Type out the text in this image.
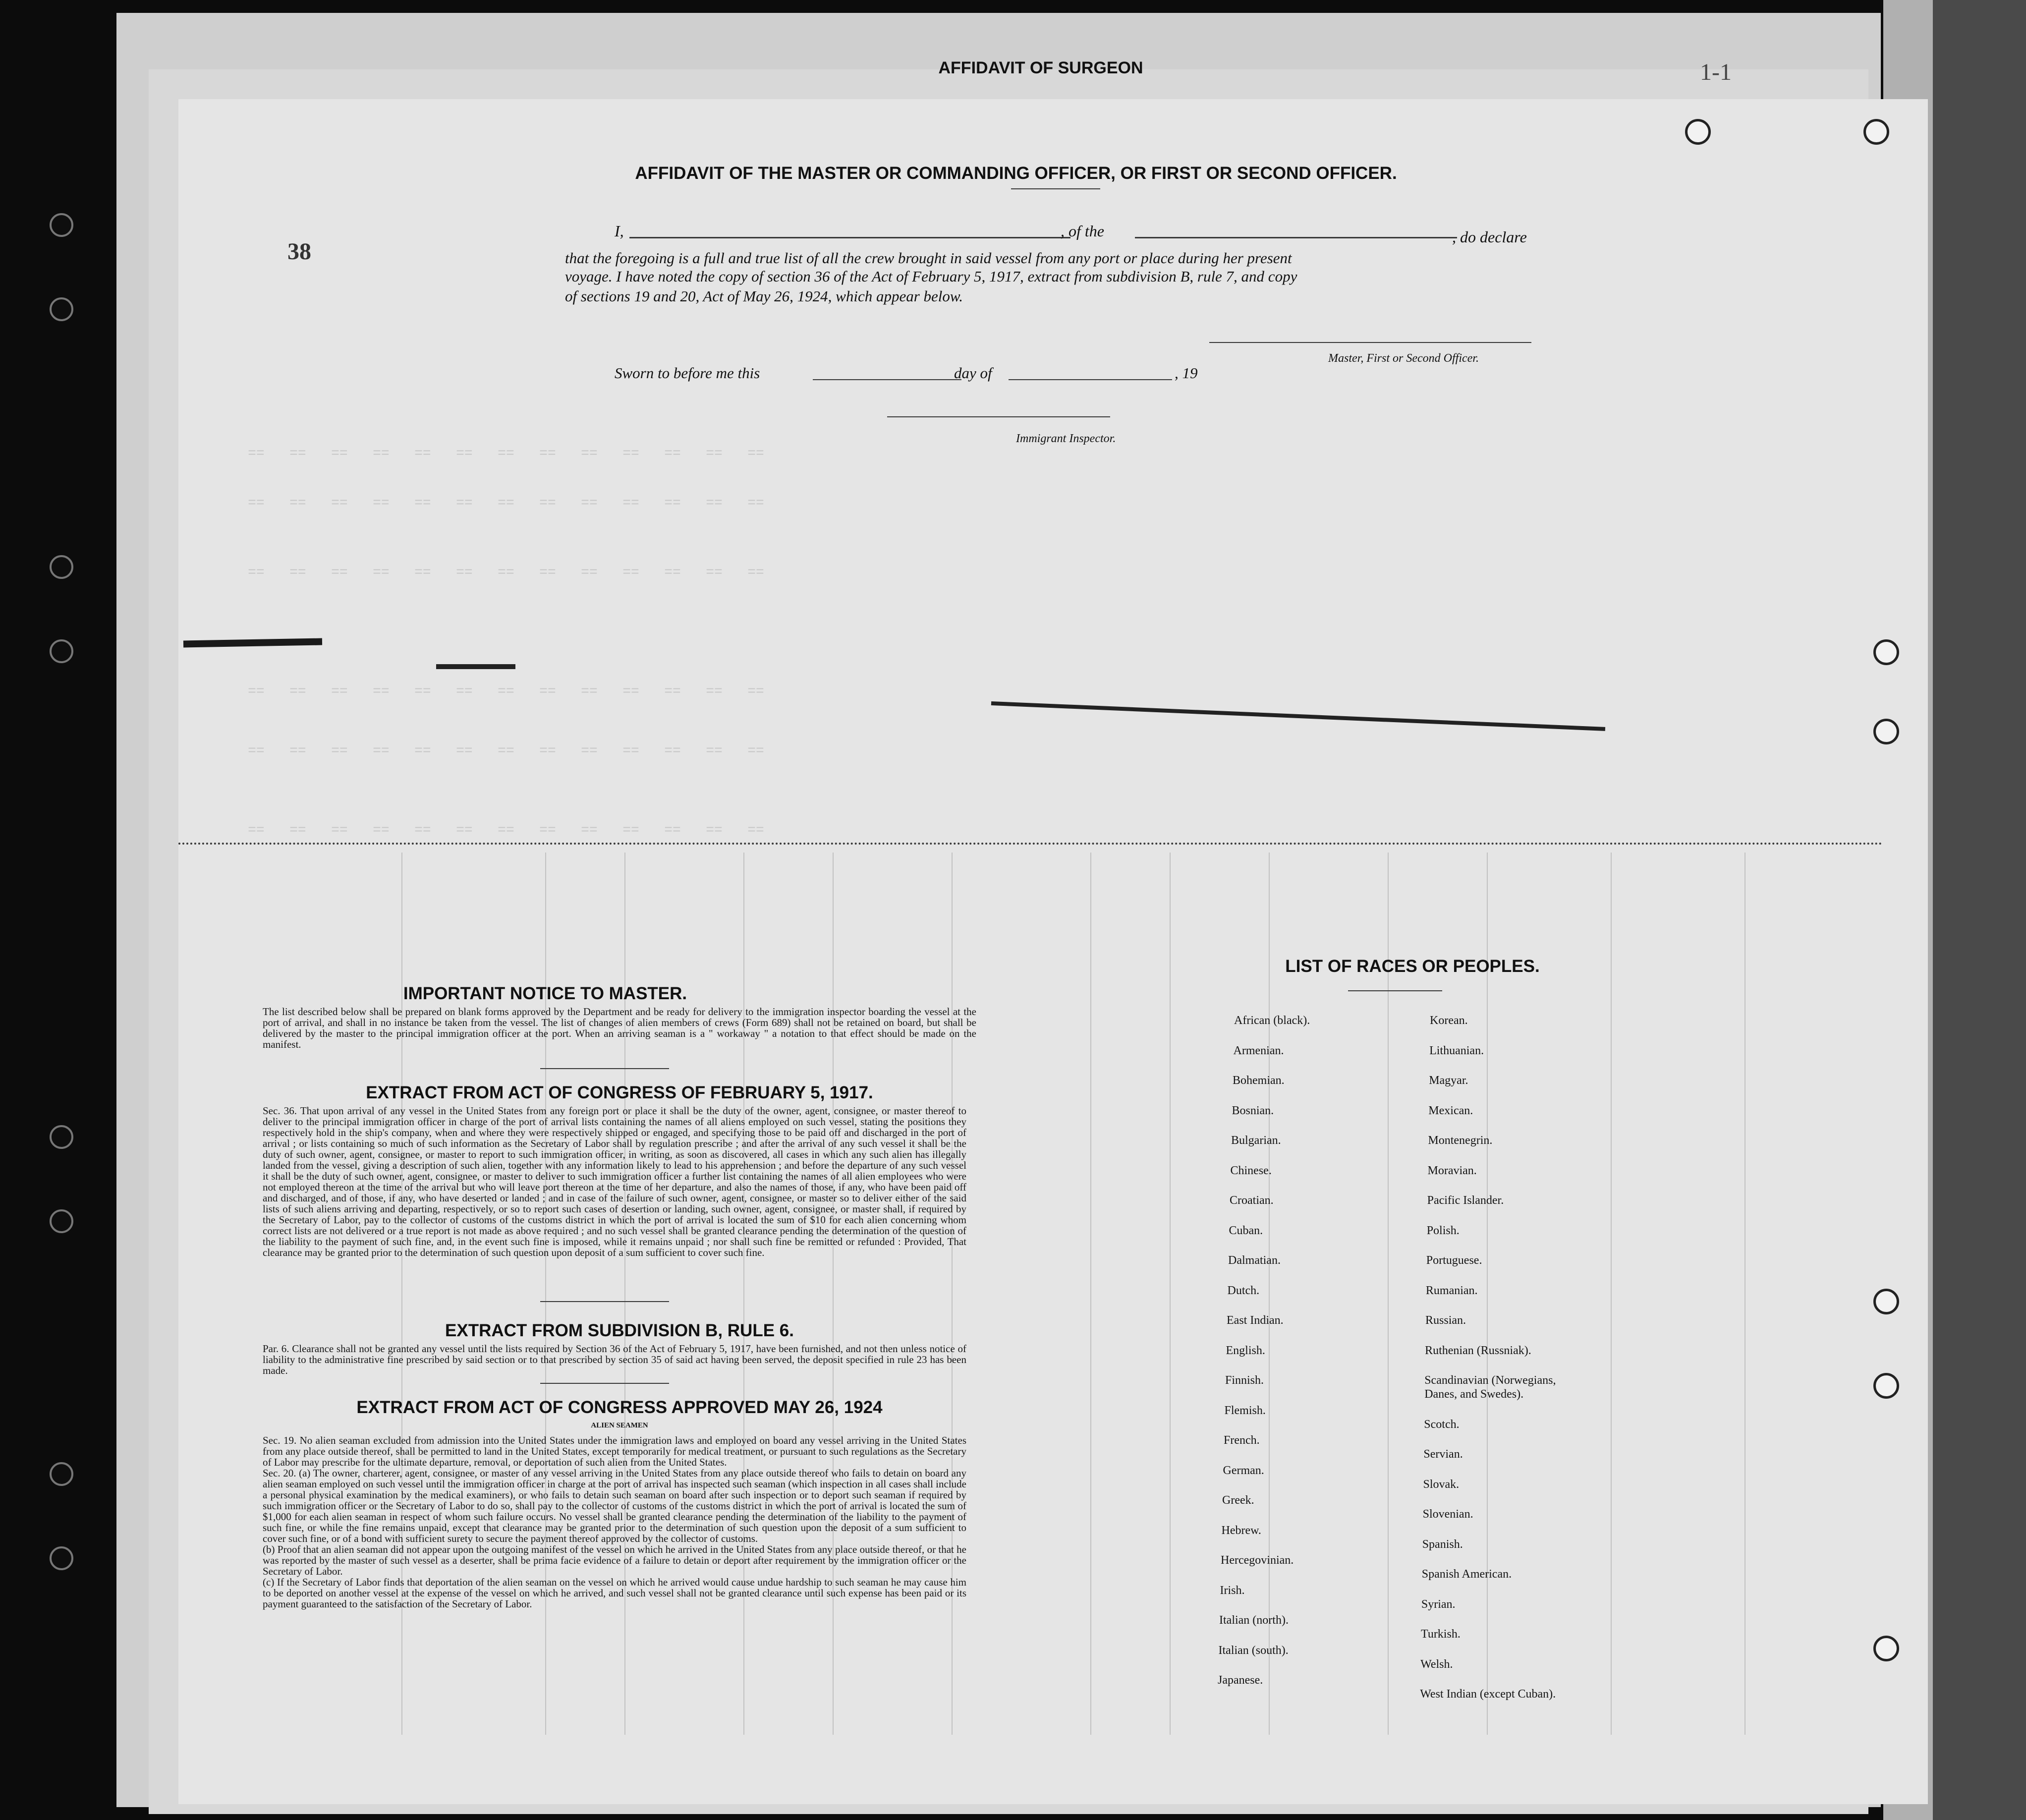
AFFIDAVIT OF SURGEON	1-1
==   ==   ==   ==   ==   ==   ==   ==   ==   ==   ==   ==   ==
==   ==   ==   ==   ==   ==   ==   ==   ==   ==   ==   ==   ==
==   ==   ==   ==   ==   ==   ==   ==   ==   ==   ==   ==   ==
==   ==   ==   ==   ==   ==   ==   ==   ==   ==   ==   ==   ==
==   ==   ==   ==   ==   ==   ==   ==   ==   ==   ==   ==   ==
==   ==   ==   ==   ==   ==   ==   ==   ==   ==   ==   ==   ==
38
AFFIDAVIT OF THE MASTER OR COMMANDING OFFICER, OR FIRST OR SECOND OFFICER.
I,	, of the	, do declare
that the foregoing is a full and true list of all the crew brought in said vessel from any port or place during her present
voyage. I have noted the copy of section 36 of the Act of February 5, 1917, extract from subdivision B, rule 7, and copy
of sections 19 and 20, Act of May 26, 1924, which appear below.
Master, First or Second Officer.
Sworn to before me this	day of	, 19
Immigrant Inspector.
IMPORTANT NOTICE TO MASTER.
The list described below shall be prepared on blank forms approved by the Department and be ready for delivery to the immigration inspector boarding the vessel at the port of arrival, and shall in no instance be taken from the vessel. The list of changes of alien members of crews (Form 689) shall not be retained on board, but shall be delivered by the master to the principal immigration officer at the port. When an arriving seaman is a " workaway " a notation to that effect should be made on the manifest.
EXTRACT FROM ACT OF CONGRESS OF FEBRUARY 5, 1917.
Sec. 36. That upon arrival of any vessel in the United States from any foreign port or place it shall be the duty of the owner, agent, consignee, or master thereof to deliver to the principal immigration officer in charge of the port of arrival lists containing the names of all aliens employed on such vessel, stating the positions they respectively hold in the ship's company, when and where they were respectively shipped or engaged, and specifying those to be paid off and discharged in the port of arrival ; or lists containing so much of such information as the Secretary of Labor shall by regulation prescribe ; and after the arrival of any such vessel it shall be the duty of such owner, agent, consignee, or master to report to such immigration officer, in writing, as soon as discovered, all cases in which any such alien has illegally landed from the vessel, giving a description of such alien, together with any information likely to lead to his apprehension ; and before the departure of any such vessel it shall be the duty of such owner, agent, consignee, or master to deliver to such immigration officer a further list containing the names of all alien employees who were not employed thereon at the time of the arrival but who will leave port thereon at the time of her departure, and also the names of those, if any, who have been paid off and discharged, and of those, if any, who have deserted or landed ; and in case of the failure of such owner, agent, consignee, or master so to deliver either of the said lists of such aliens arriving and departing, respectively, or so to report such cases of desertion or landing, such owner, agent, consignee, or master shall, if required by the Secretary of Labor, pay to the collector of customs of the customs district in which the port of arrival is located the sum of $10 for each alien concerning whom correct lists are not delivered or a true report is not made as above required ; and no such vessel shall be granted clearance pending the determination of the question of the liability to the payment of such fine, and, in the event such fine is imposed, while it remains unpaid ; nor shall such fine be remitted or refunded : Provided, That clearance may be granted prior to the determination of such question upon deposit of a sum sufficient to cover such fine.
EXTRACT FROM SUBDIVISION B, RULE 6.
Par. 6. Clearance shall not be granted any vessel until the lists required by Section 36 of the Act of February 5, 1917, have been furnished, and not then unless notice of liability to the administrative fine prescribed by said section or to that prescribed by section 35 of said act having been served, the deposit specified in rule 23 has been made.
EXTRACT FROM ACT OF CONGRESS APPROVED MAY 26, 1924
ALIEN SEAMEN
Sec. 19. No alien seaman excluded from admission into the United States under the immigration laws and employed on board any vessel arriving in the United States from any place outside thereof, shall be permitted to land in the United States, except temporarily for medical treatment, or pursuant to such regulations as the Secretary of Labor may prescribe for the ultimate departure, removal, or deportation of such alien from the United States.
Sec. 20. (a) The owner, charterer, agent, consignee, or master of any vessel arriving in the United States from any place outside thereof who fails to detain on board any alien seaman employed on such vessel until the immigration officer in charge at the port of arrival has inspected such seaman (which inspection in all cases shall include a personal physical examination by the medical examiners), or who fails to detain such seaman on board after such inspection or to deport such seaman if required by such immigration officer or the Secretary of Labor to do so, shall pay to the collector of customs of the customs district in which the port of arrival is located the sum of $1,000 for each alien seaman in respect of whom such failure occurs. No vessel shall be granted clearance pending the determination of the liability to the payment of such fine, or while the fine remains unpaid, except that clearance may be granted prior to the determination of such question upon the deposit of a sum sufficient to cover such fine, or of a bond with sufficient surety to secure the payment thereof approved by the collector of customs.
(b) Proof that an alien seaman did not appear upon the outgoing manifest of the vessel on which he arrived in the United States from any place outside thereof, or that he was reported by the master of such vessel as a deserter, shall be prima facie evidence of a failure to detain or deport after requirement by the immigration officer or the Secretary of Labor.
(c) If the Secretary of Labor finds that deportation of the alien seaman on the vessel on which he arrived would cause undue hardship to such seaman he may cause him to be deported on another vessel at the expense of the vessel on which he arrived, and such vessel shall not be granted clearance until such expense has been paid or its payment guaranteed to the satisfaction of the Secretary of Labor.
LIST OF RACES OR PEOPLES.
African (black).
Armenian.
Bohemian.
Bosnian.
Bulgarian.
Chinese.
Croatian.
Cuban.
Dalmatian.
Dutch.
East Indian.
English.
Finnish.
Flemish.
French.
German.
Greek.
Hebrew.
Hercegovinian.
Irish.
Italian (north).
Italian (south).
Japanese.
Korean.
Lithuanian.
Magyar.
Mexican.
Montenegrin.
Moravian.
Pacific Islander.
Polish.
Portuguese.
Rumanian.
Russian.
Ruthenian (Russniak).
Scandinavian (Norwegians,
Danes, and Swedes).
Scotch.
Servian.
Slovak.
Slovenian.
Spanish.
Spanish American.
Syrian.
Turkish.
Welsh.
West Indian (except Cuban).
